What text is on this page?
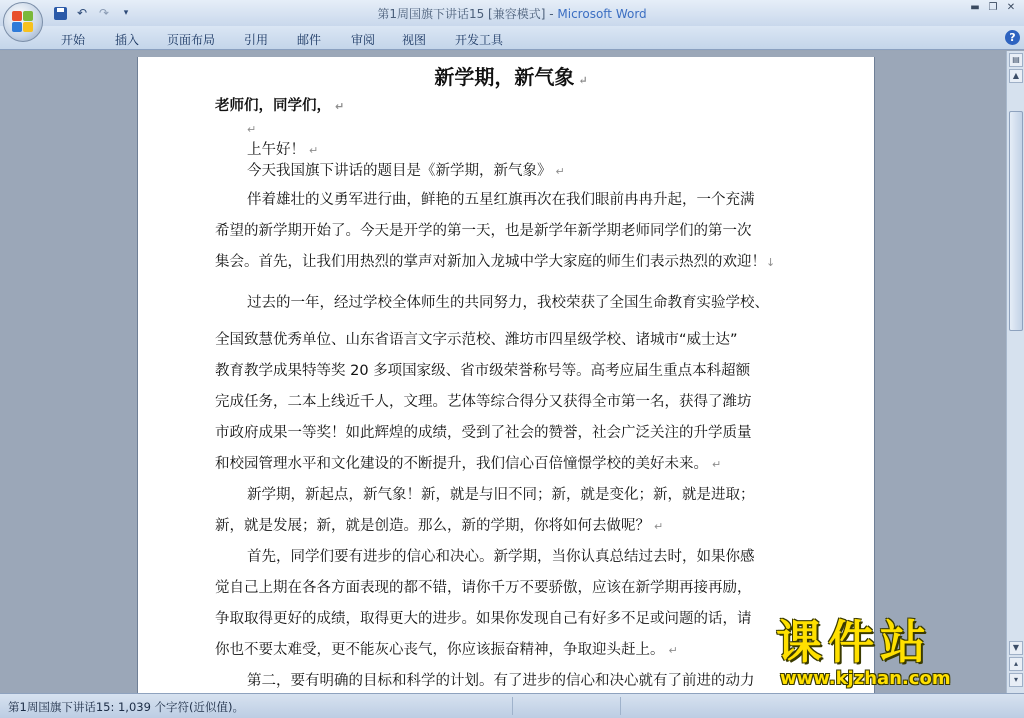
↶ ↷	▾	第1周国旗下讲话15 [兼容模式] - Microsoft Word	▬ ❐ ✕
开始 插入 页面布局 引用 邮件 审阅 视图 开发工具	?
新学期，新气象 ↵
老师们，同学们， ↵
↵
上午好！ ↵
今天我国旗下讲话的题目是《新学期，新气象》 ↵
伴着雄壮的义勇军进行曲，鲜艳的五星红旗再次在我们眼前冉冉升起，一个充满
希望的新学期开始了。今天是开学的第一天，也是新学年新学期老师同学们的第一次
集会。首先，让我们用热烈的掌声对新加入龙城中学大家庭的师生们表示热烈的欢迎！↓
过去的一年，经过学校全体师生的共同努力，我校荣获了全国生命教育实验学校、
全国致慧优秀单位、山东省语言文字示范校、潍坊市四星级学校、诸城市“威士达”
教育教学成果特等奖 20 多项国家级、省市级荣誉称号等。高考应届生重点本科超额
完成任务，二本上线近千人，文理。艺体等综合得分又获得全市第一名，获得了潍坊
市政府成果一等奖！如此辉煌的成绩，受到了社会的赞誉，社会广泛关注的升学质量
和校园管理水平和文化建设的不断提升，我们信心百倍憧憬学校的美好未来。 ↵
新学期，新起点，新气象！新，就是与旧不同；新，就是变化；新，就是进取；
新，就是发展；新，就是创造。那么，新的学期，你将如何去做呢？ ↵
首先，同学们要有进步的信心和决心。新学期，当你认真总结过去时，如果你感
觉自己上期在各各方面表现的都不错，请你千万不要骄傲，应该在新学期再接再励，
争取取得更好的成绩，取得更大的进步。如果你发现自己有好多不足或问题的话，请
你也不要太难受，更不能灰心丧气，你应该振奋精神，争取迎头赶上。 ↵
第二，要有明确的目标和科学的计划。有了进步的信心和决心就有了前进的动力
▤
▲
▼
▴
▾
课件站
www.kjzhan.com
第1周国旗下讲话15: 1,039 个字符(近似值)。
